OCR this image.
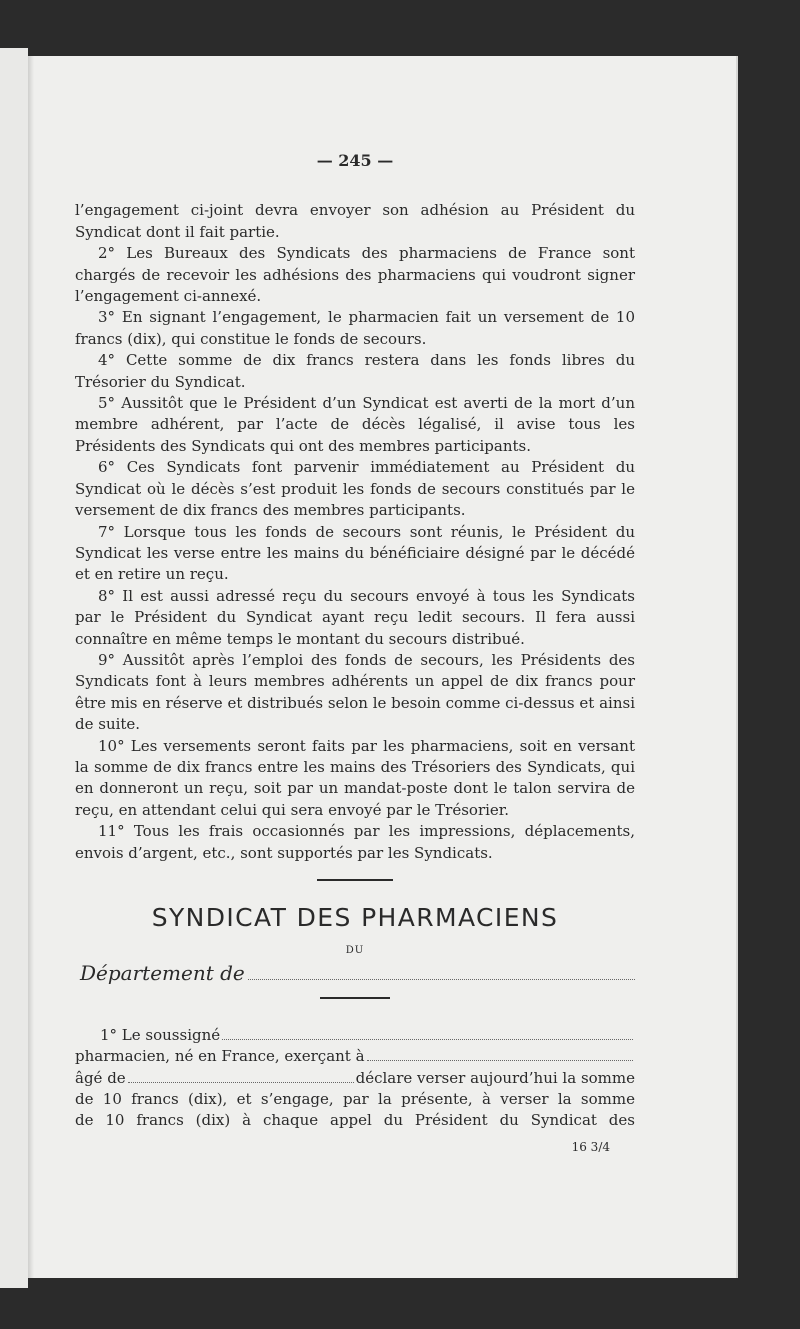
— 245 —

l’engagement ci-joint devra envoyer son adhésion au Président du Syndicat dont il fait partie.

2° Les Bureaux des Syndicats des pharmaciens de France sont chargés de recevoir les adhésions des pharmaciens qui voudront signer l’engagement ci-annexé.

3° En signant l’engagement, le pharmacien fait un versement de 10 francs (dix), qui constitue le fonds de secours.

4° Cette somme de dix francs restera dans les fonds libres du Trésorier du Syndicat.

5° Aussitôt que le Président d’un Syndicat est averti de la mort d’un membre adhérent, par l’acte de décès légalisé, il avise tous les Présidents des Syndicats qui ont des membres participants.

6° Ces Syndicats font parvenir immédiatement au Président du Syndicat où le décès s’est produit les fonds de secours constitués par le versement de dix francs des membres participants.

7° Lorsque tous les fonds de secours sont réunis, le Président du Syndicat les verse entre les mains du bénéficiaire désigné par le décédé et en retire un reçu.

8° Il est aussi adressé reçu du secours envoyé à tous les Syndicats par le Président du Syndicat ayant reçu ledit secours. Il fera aussi connaître en même temps le montant du secours distribué.

9° Aussitôt après l’emploi des fonds de secours, les Présidents des Syndicats font à leurs membres adhérents un appel de dix francs pour être mis en réserve et distribués selon le besoin comme ci-dessus et ainsi de suite.

10° Les versements seront faits par les pharmaciens, soit en versant la somme de dix francs entre les mains des Trésoriers des Syndicats, qui en donneront un reçu, soit par un mandat-poste dont le talon servira de reçu, en attendant celui qui sera envoyé par le Trésorier.

11° Tous les frais occasionnés par les impressions, déplacements, envois d’argent, etc., sont supportés par les Syndicats.

SYNDICAT DES PHARMACIENS
DU
Département de
1° Le soussigné
pharmacien, né en France, exerçant à
âgé de	déclare verser aujourd’hui la somme
de 10 francs (dix), et s’engage, par la présente, à verser la somme
de 10 francs (dix) à chaque appel du Président du Syndicat des
16 3/4
